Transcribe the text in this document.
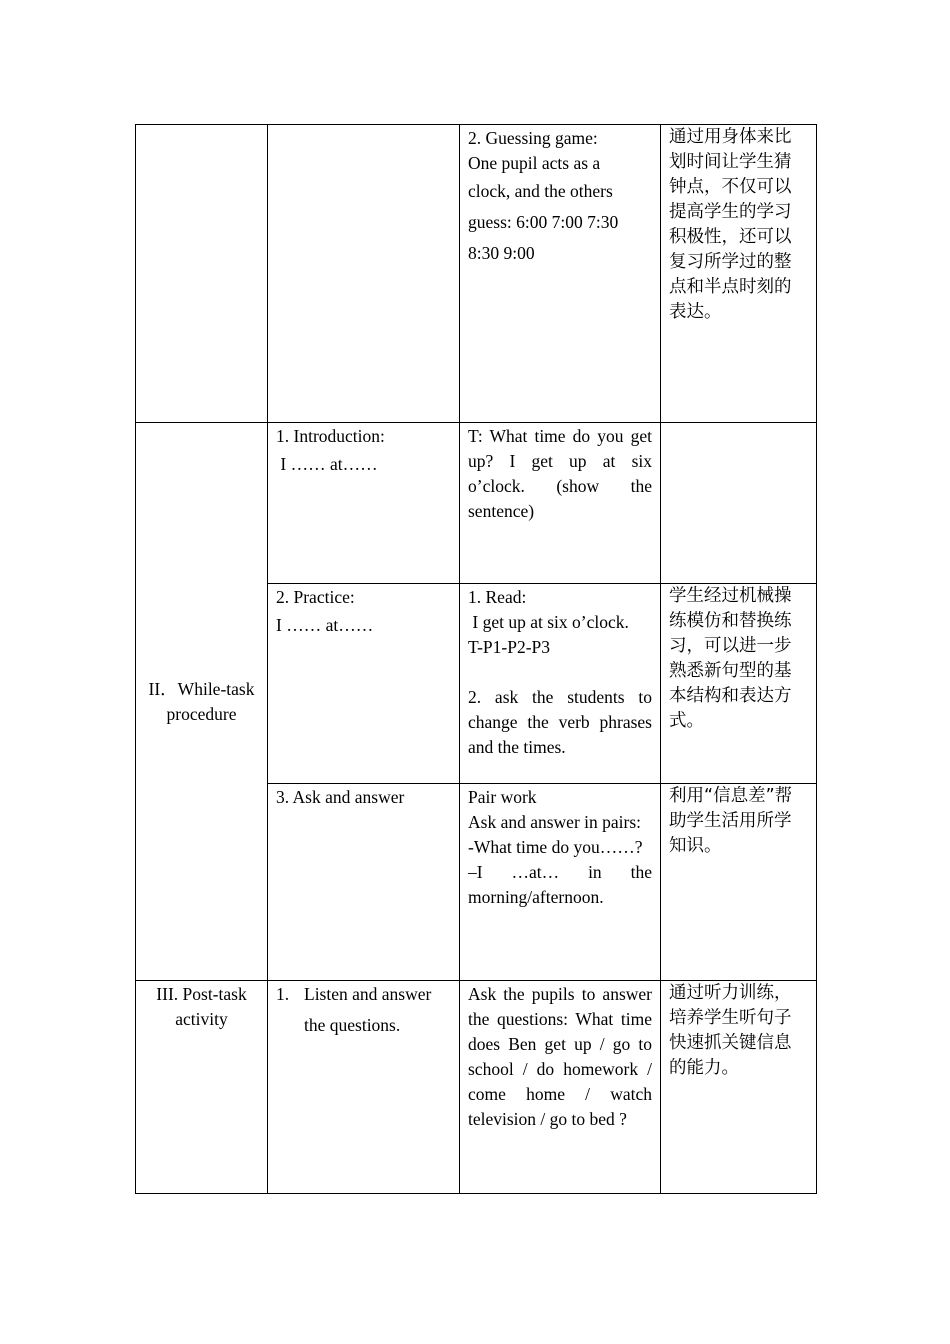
		2. Guessing game:
One pupil acts as a
clock, and the others
guess: 6:00 7:00 7:30
8:30 9:00	通过用身体来比划时间让学生猜钟点，不仅可以提高学生的学习积极性，还可以复习所学过的整点和半点时刻的表达。

II．While-task
procedure	1. Introduction:
I …… at……	T: What time do you get up? I get up at six o’clock. (show the sentence)	

	2. Practice:
I …… at……	1. Read:
I get up at six o’clock.
T-P1-P2-P3
2. ask the students to change the verb phrases and the times.	学生经过机械操练模仿和替换练习，可以进一步熟悉新句型的基本结构和表达方式。
	3. Ask and answer	Pair work
Ask and answer in pairs:
-What time do you……?
–I …at… in the morning/afternoon.	利用“信息差”帮助学生活用所学知识。

III. Post-task
activity	1. Listen and answer the questions.	Ask the pupils to answer the questions: What time does Ben get up / go to school / do homework / come home / watch television / go to bed ?	通过听力训练，培养学生听句子快速抓关键信息的能力。
